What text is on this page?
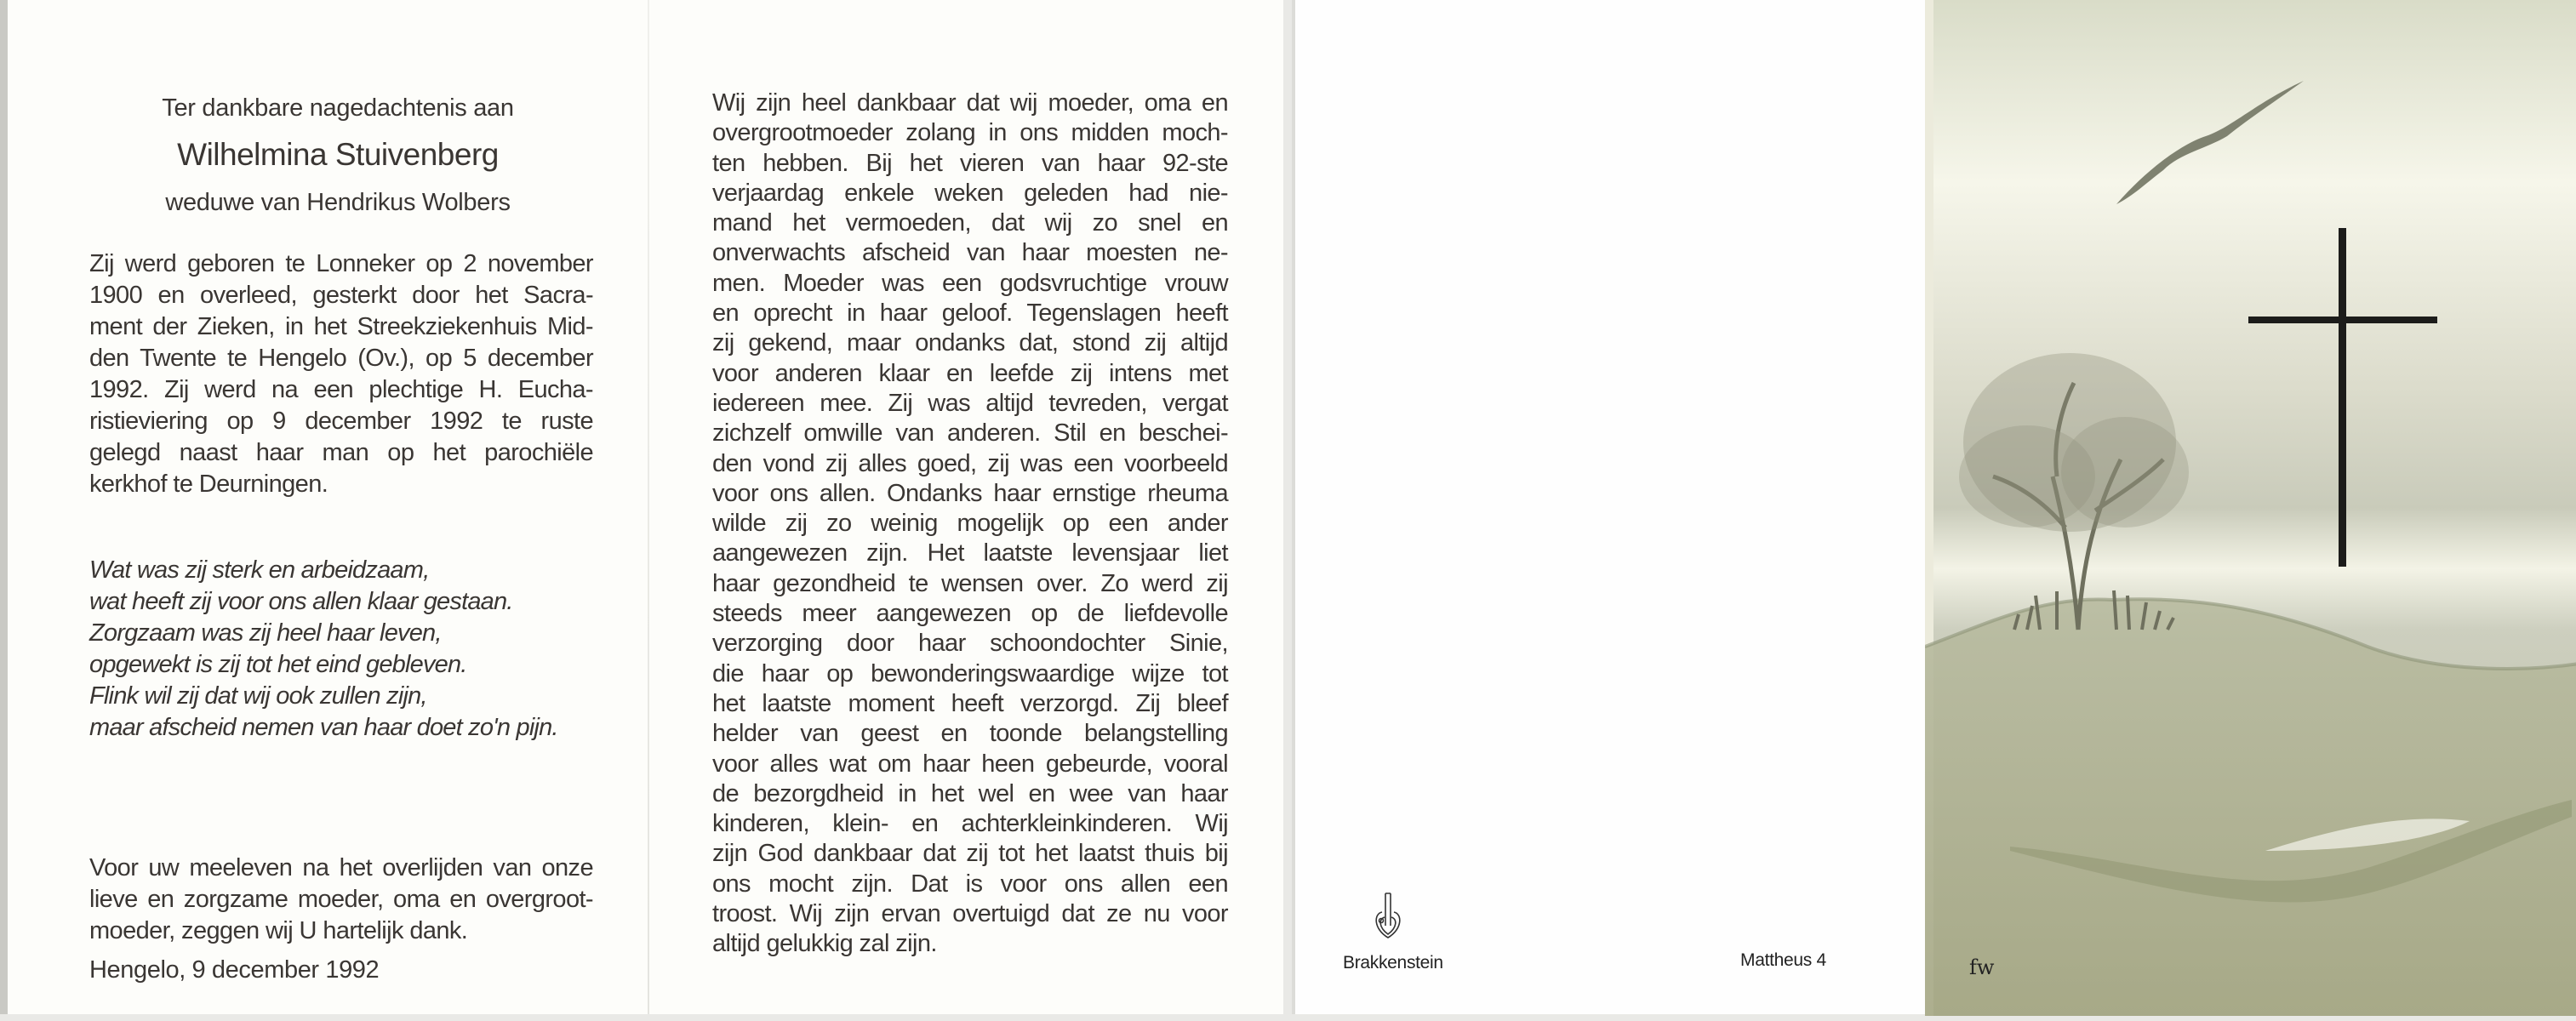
Ter dankbare nagedachtenis aan
Wilhelmina Stuivenberg
weduwe van Hendrikus Wolbers
Zij werd geboren te Lonneker op 2 november
1900 en overleed, gesterkt door het Sacra-
ment der Zieken, in het Streekziekenhuis Mid-
den Twente te Hengelo (Ov.), op 5 december
1992. Zij werd na een plechtige H. Eucha-
ristieviering op 9 december 1992 te ruste
gelegd naast haar man op het parochiële
kerkhof te Deurningen.
Wat was zij sterk en arbeidzaam,
wat heeft zij voor ons allen klaar gestaan.
Zorgzaam was zij heel haar leven,
opgewekt is zij tot het eind gebleven.
Flink wil zij dat wij ook zullen zijn,
maar afscheid nemen van haar doet zo'n pijn.
Voor uw meeleven na het overlijden van onze
lieve en zorgzame moeder, oma en overgroot-
moeder, zeggen wij U hartelijk dank.
Hengelo, 9 december 1992
Wij zijn heel dankbaar dat wij moeder, oma en
overgrootmoeder zolang in ons midden moch-
ten hebben. Bij het vieren van haar 92-ste
verjaardag enkele weken geleden had nie-
mand het vermoeden, dat wij zo snel en
onverwachts afscheid van haar moesten ne-
men. Moeder was een godsvruchtige vrouw
en oprecht in haar geloof. Tegenslagen heeft
zij gekend, maar ondanks dat, stond zij altijd
voor anderen klaar en leefde zij intens met
iedereen mee. Zij was altijd tevreden, vergat
zichzelf omwille van anderen. Stil en beschei-
den vond zij alles goed, zij was een voorbeeld
voor ons allen. Ondanks haar ernstige rheuma
wilde zij zo weinig mogelijk op een ander
aangewezen zijn. Het laatste levensjaar liet
haar gezondheid te wensen over. Zo werd zij
steeds meer aangewezen op de liefdevolle
verzorging door haar schoondochter Sinie,
die haar op bewonderingswaardige wijze tot
het laatste moment heeft verzorgd. Zij bleef
helder van geest en toonde belangstelling
voor alles wat om haar heen gebeurde, vooral
de bezorgdheid in het wel en wee van haar
kinderen, klein- en achterkleinkinderen. Wij
zijn God dankbaar dat zij tot het laatst thuis bij
ons mocht zijn. Dat is voor ons allen een
troost. Wij zijn ervan overtuigd dat ze nu voor
altijd gelukkig zal zijn.
Brakkenstein	Mattheus 4	fw
